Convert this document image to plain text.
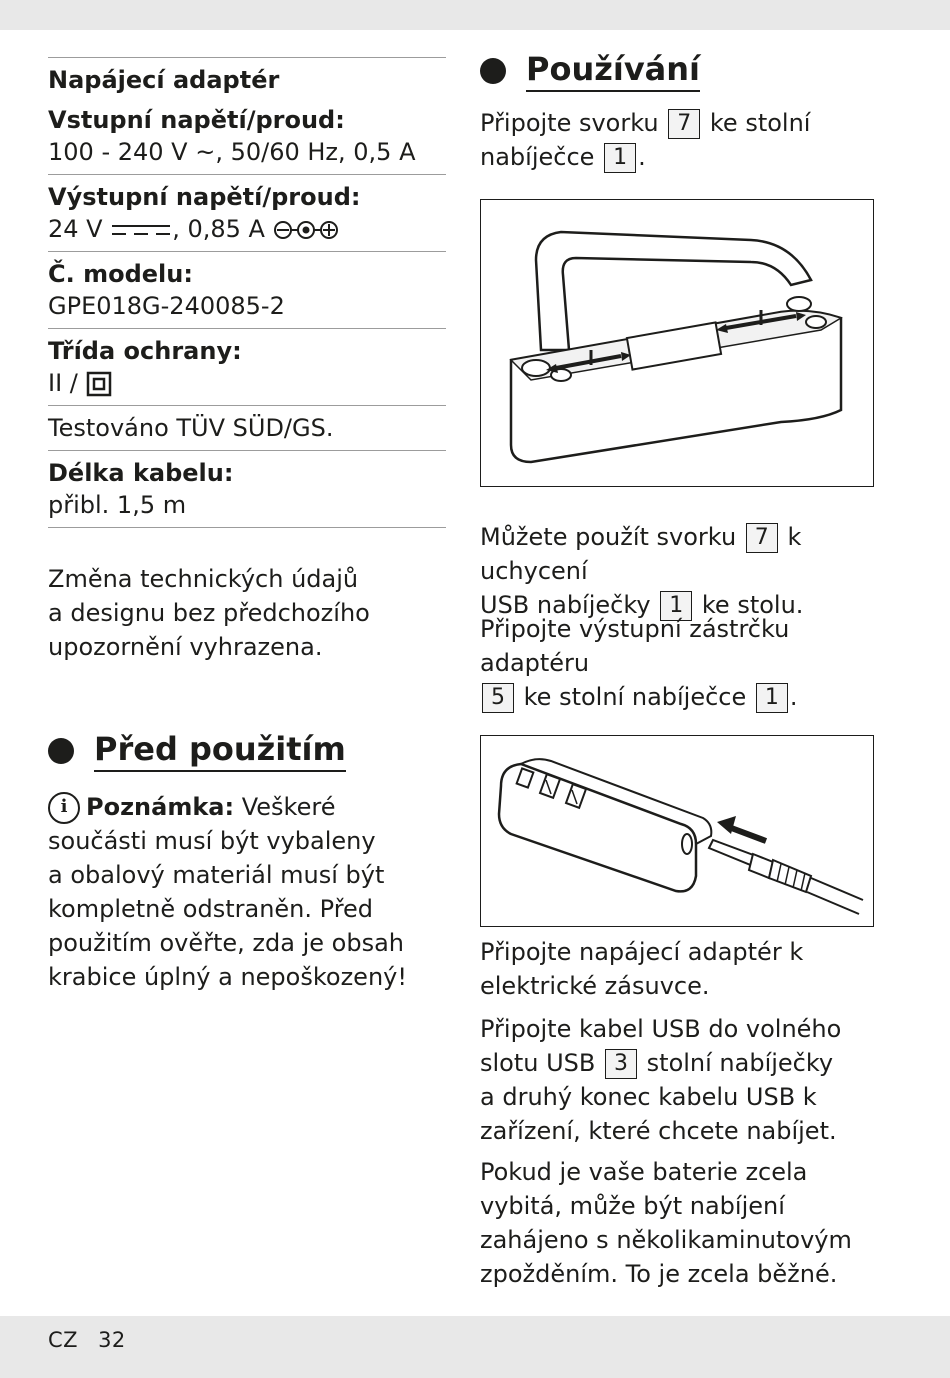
Napájecí adaptér
Vstupní napětí/proud:
100 - 240 V ~, 50/60 Hz, 0,5 A
Výstupní napětí/proud:
24 V	, 0,85 A
Č. modelu:
GPE018G-240085-2
Třída ochrany:
II /
Testováno TÜV SÜD/GS.
Délka kabelu:
přibl. 1,5 m
Změna technických údajů
a designu bez předchozího
upozornění vyhrazena.
Před použitím
i Poznámka: Veškeré
součásti musí být vybaleny
a obalový materiál musí být
kompletně odstraněn. Před
použitím ověřte, zda je obsah
krabice úplný a nepoškozený!
Používání
Připojte svorku 7 ke stolní
nabíječce 1 .
Můžete použít svorku 7 k uchycení
USB nabíječky 1 ke stolu.
Připojte výstupní zástrčku adaptéru
5 ke stolní nabíječce 1 .
Připojte napájecí adaptér k
elektrické zásuvce.
Připojte kabel USB do volného
slotu USB 3 stolní nabíječky
a druhý konec kabelu USB k
zařízení, které chcete nabíjet.
Pokud je vaše baterie zcela
vybitá, může být nabíjení
zahájeno s několikaminutovým
zpožděním. To je zcela běžné.
CZ 32
